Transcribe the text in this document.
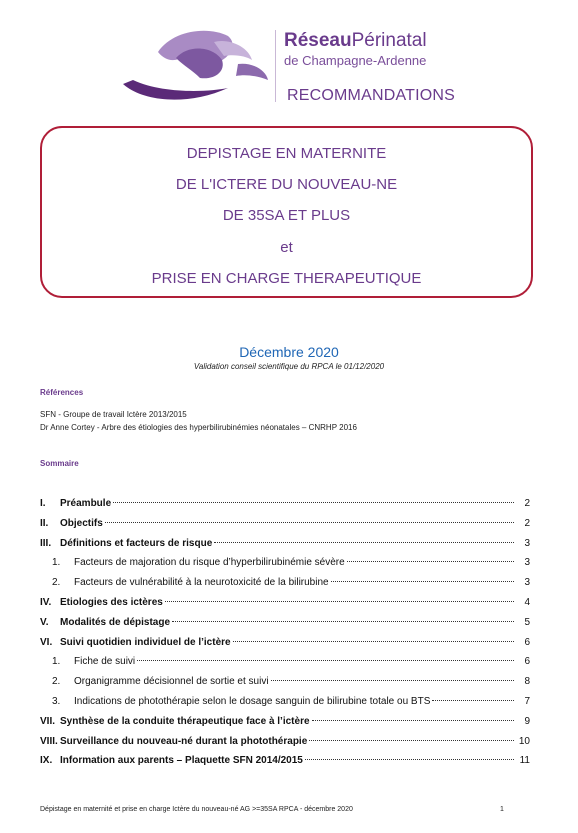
RéseauPérinatal
de Champagne-Ardenne
RECOMMANDATIONS
DEPISTAGE EN MATERNITE
DE L'ICTERE DU NOUVEAU-NE
DE 35SA ET PLUS
et
PRISE EN CHARGE THERAPEUTIQUE
Décembre 2020
Validation conseil scientifique du RPCA le 01/12/2020
Références
SFN - Groupe de travail Ictère 2013/2015
Dr Anne Cortey - Arbre des étiologies des hyperbilirubinémies néonatales – CNRHP 2016
Sommaire
I.	Préambule	2
II.	Objectifs	2
III. Définitions et facteurs de risque	3
1.	Facteurs de majoration du risque d’hyperbilirubinémie sévère	3
2.	Facteurs de vulnérabilité à la neurotoxicité de la bilirubine	3
IV. Etiologies des ictères	4
V.	Modalités de dépistage	5
VI. Suivi quotidien individuel de l’ictère	6
1.	Fiche de suivi	6
2.	Organigramme décisionnel de sortie et suivi	8
3.	Indications de photothérapie selon le dosage sanguin de bilirubine totale ou BTS	7
VII. Synthèse de la conduite thérapeutique face à l’ictère	9
VIII. Surveillance du nouveau-né durant la photothérapie	10
IX. Information aux parents – Plaquette SFN 2014/2015	11
Dépistage en maternité et prise en charge Ictère du nouveau-né AG >=35SA RPCA - décembre 2020	1
